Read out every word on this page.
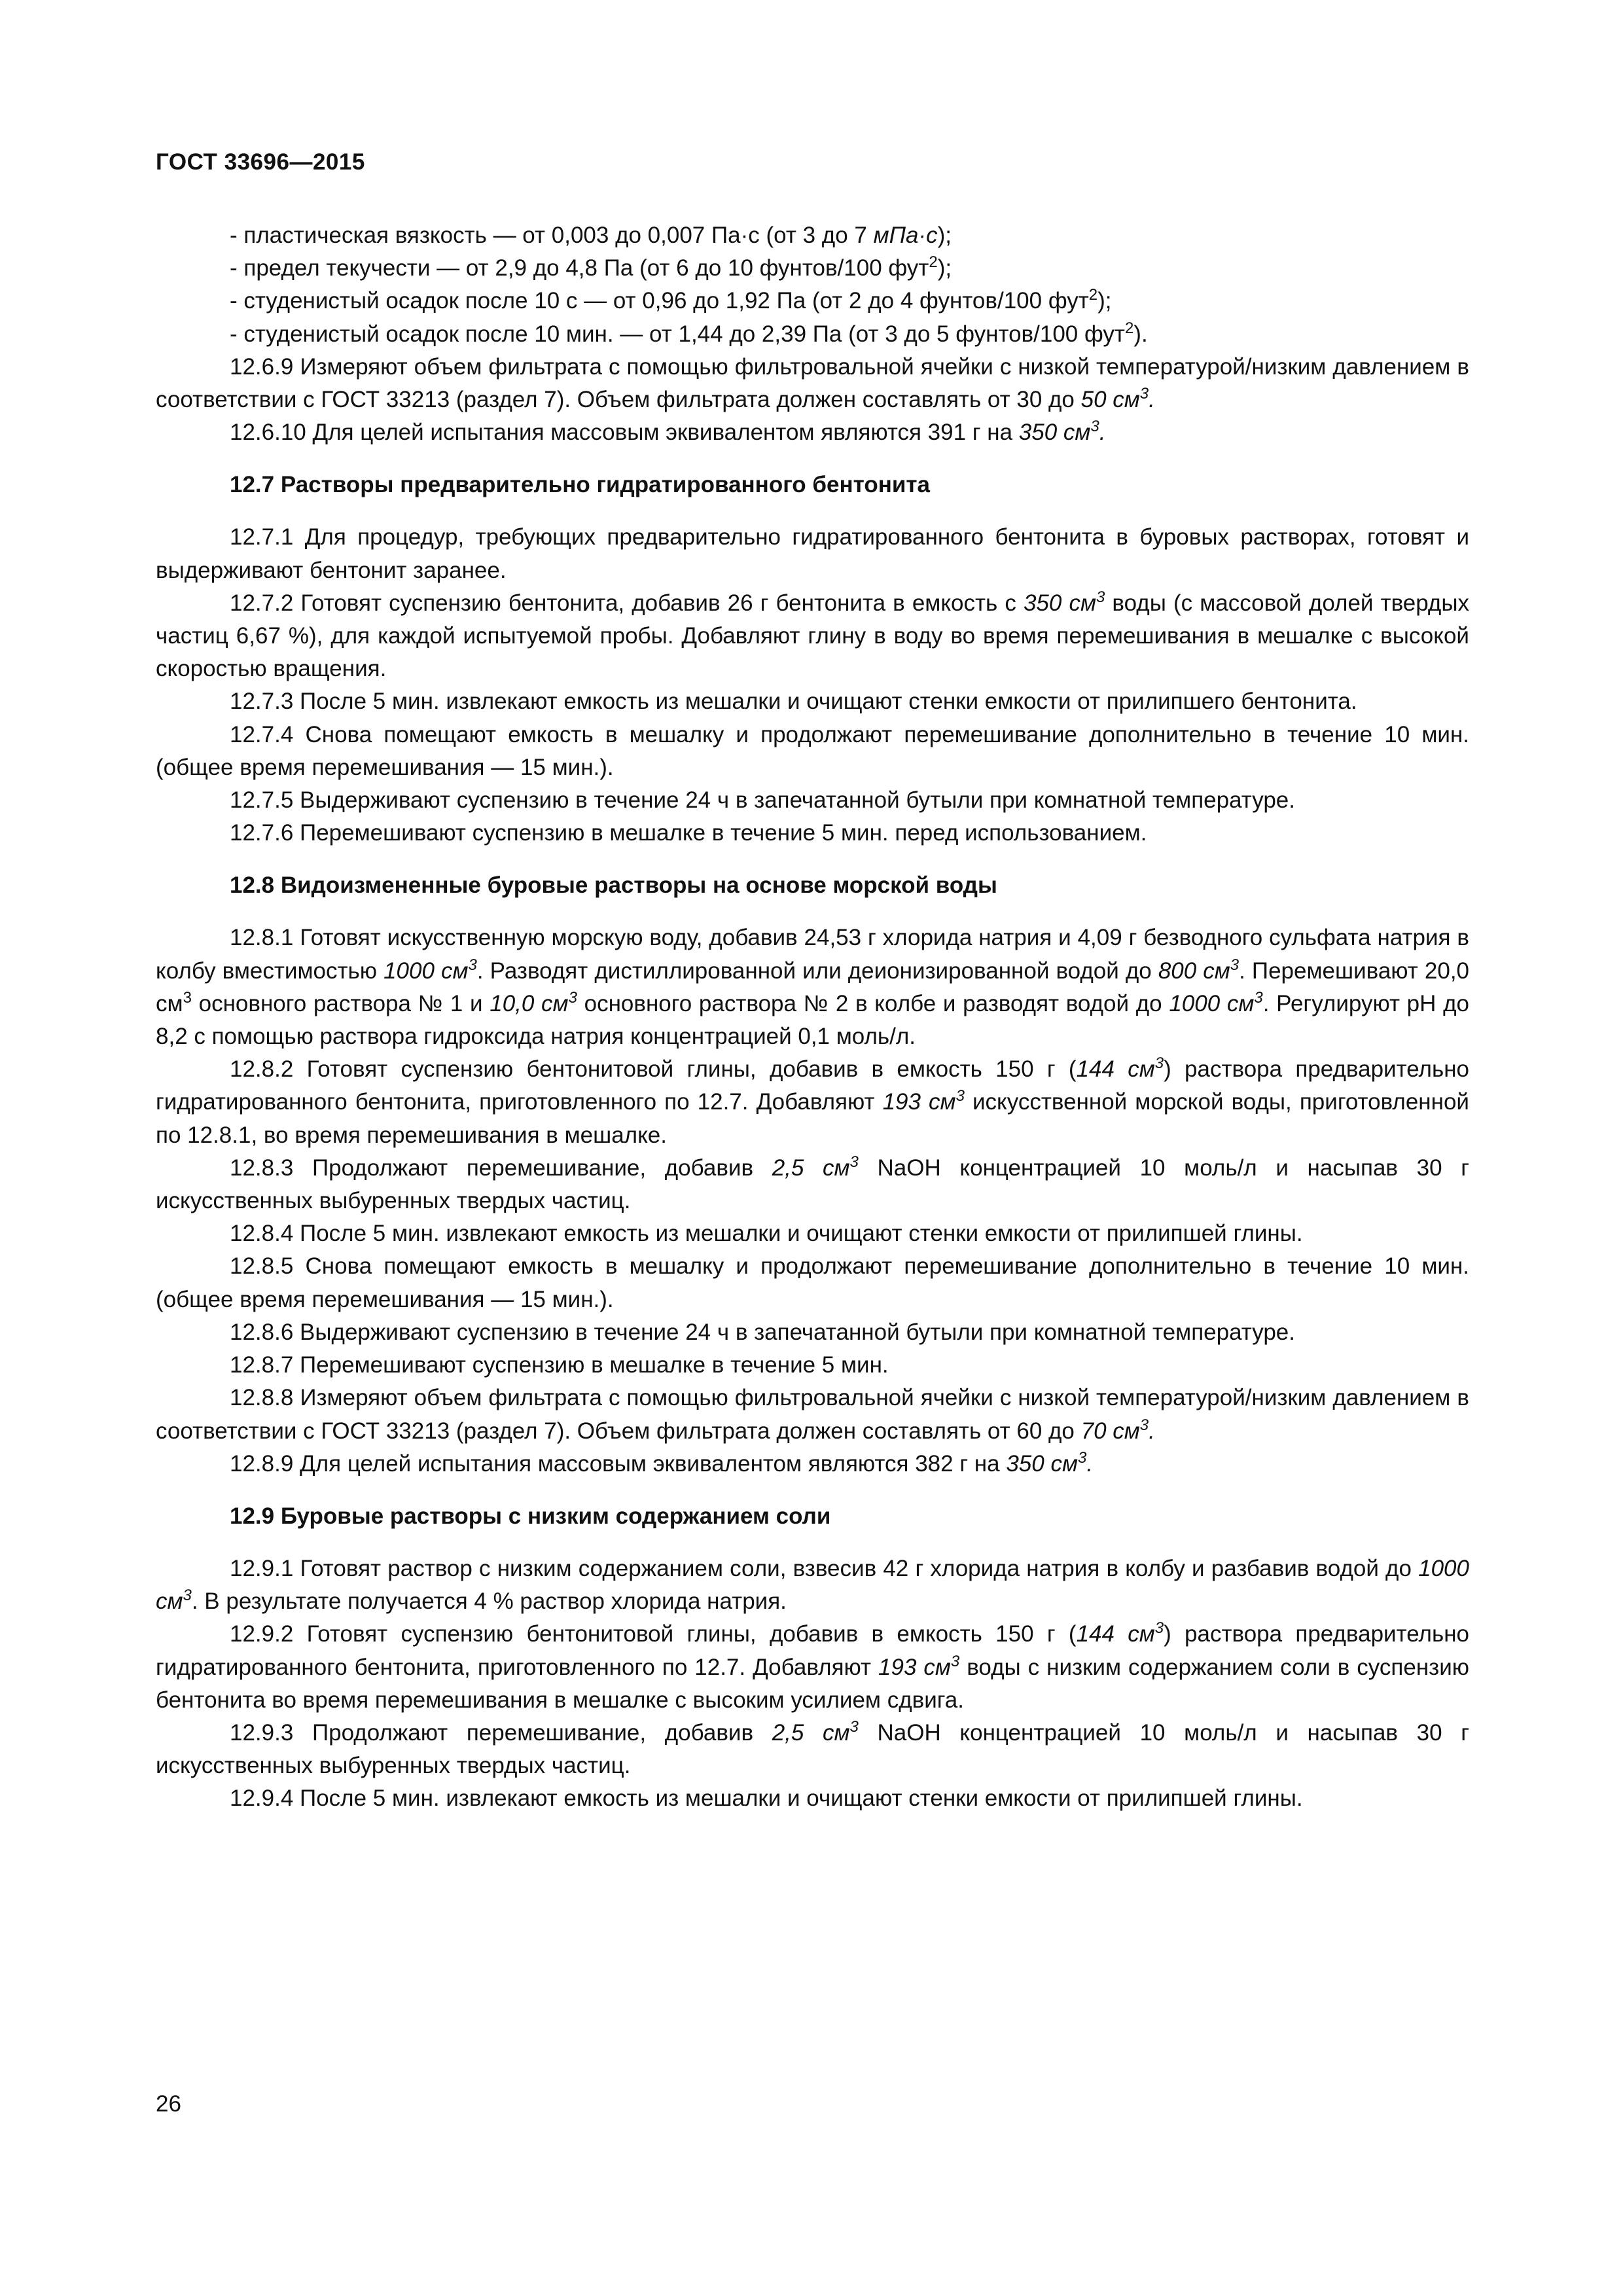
ГОСТ 33696—2015

- пластическая вязкость — от 0,003 до 0,007 Па·с (от 3 до 7 мПа·с);

- предел текучести — от 2,9 до 4,8 Па (от 6 до 10 фунтов/100 фут$^2$);

- студенистый осадок после 10 с — от 0,96 до 1,92 Па (от 2 до 4 фунтов/100 фут$^2$);

- студенистый осадок после 10 мин. — от 1,44 до 2,39 Па (от 3 до 5 фунтов/100 фут$^2$).

12.6.9 Измеряют объем фильтрата с помощью фильтровальной ячейки с низкой температурой/низким давлением в соответствии с ГОСТ 33213 (раздел 7). Объем фильтрата должен составлять от 30 до 50 $см^3$.

12.6.10 Для целей испытания массовым эквивалентом являются 391 г на 350 $см^3$.

12.7 Растворы предварительно гидратированного бентонита

12.7.1 Для процедур, требующих предварительно гидратированного бентонита в буровых растворах, готовят и выдерживают бентонит заранее.

12.7.2 Готовят суспензию бентонита, добавив 26 г бентонита в емкость с 350 $см^3$ воды (с массовой долей твердых частиц 6,67 %), для каждой испытуемой пробы. Добавляют глину в воду во время перемешивания в мешалке с высокой скоростью вращения.

12.7.3 После 5 мин. извлекают емкость из мешалки и очищают стенки емкости от прилипшего бентонита.

12.7.4 Снова помещают емкость в мешалку и продолжают перемешивание дополнительно в течение 10 мин. (общее время перемешивания — 15 мин.).

12.7.5 Выдерживают суспензию в течение 24 ч в запечатанной бутыли при комнатной температуре.

12.7.6 Перемешивают суспензию в мешалке в течение 5 мин. перед использованием.

12.8 Видоизмененные буровые растворы на основе морской воды

12.8.1 Готовят искусственную морскую воду, добавив 24,53 г хлорида натрия и 4,09 г безводного сульфата натрия в колбу вместимостью 1000 $см^3$. Разводят дистиллированной или деионизированной водой до 800 $см^3$. Перемешивают 20,0 $см^3$ основного раствора № 1 и 10,0 $см^3$ основного раствора № 2 в колбе и разводят водой до 1000 $см^3$. Регулируют pH до 8,2 с помощью раствора гидроксида натрия концентрацией 0,1 моль/л.

12.8.2 Готовят суспензию бентонитовой глины, добавив в емкость 150 г (144 $см^3$) раствора предварительно гидратированного бентонита, приготовленного по 12.7. Добавляют 193 $см^3$ искусственной морской воды, приготовленной по 12.8.1, во время перемешивания в мешалке.

12.8.3 Продолжают перемешивание, добавив 2,5 $см^3$ NaOH концентрацией 10 моль/л и насыпав 30 г искусственных выбуренных твердых частиц.

12.8.4 После 5 мин. извлекают емкость из мешалки и очищают стенки емкости от прилипшей глины.

12.8.5 Снова помещают емкость в мешалку и продолжают перемешивание дополнительно в течение 10 мин. (общее время перемешивания — 15 мин.).

12.8.6 Выдерживают суспензию в течение 24 ч в запечатанной бутыли при комнатной температуре.

12.8.7 Перемешивают суспензию в мешалке в течение 5 мин.

12.8.8 Измеряют объем фильтрата с помощью фильтровальной ячейки с низкой температурой/низким давлением в соответствии с ГОСТ 33213 (раздел 7). Объем фильтрата должен составлять от 60 до 70 $см^3$.

12.8.9 Для целей испытания массовым эквивалентом являются 382 г на 350 $см^3$.

12.9 Буровые растворы с низким содержанием соли

12.9.1 Готовят раствор с низким содержанием соли, взвесив 42 г хлорида натрия в колбу и разбавив водой до 1000 $см^3$. В результате получается 4 % раствор хлорида натрия.

12.9.2 Готовят суспензию бентонитовой глины, добавив в емкость 150 г (144 $см^3$) раствора предварительно гидратированного бентонита, приготовленного по 12.7. Добавляют 193 $см^3$ воды с низким содержанием соли в суспензию бентонита во время перемешивания в мешалке с высоким усилием сдвига.

12.9.3 Продолжают перемешивание, добавив 2,5 $см^3$ NaOH концентрацией 10 моль/л и насыпав 30 г искусственных выбуренных твердых частиц.

12.9.4 После 5 мин. извлекают емкость из мешалки и очищают стенки емкости от прилипшей глины.

26
